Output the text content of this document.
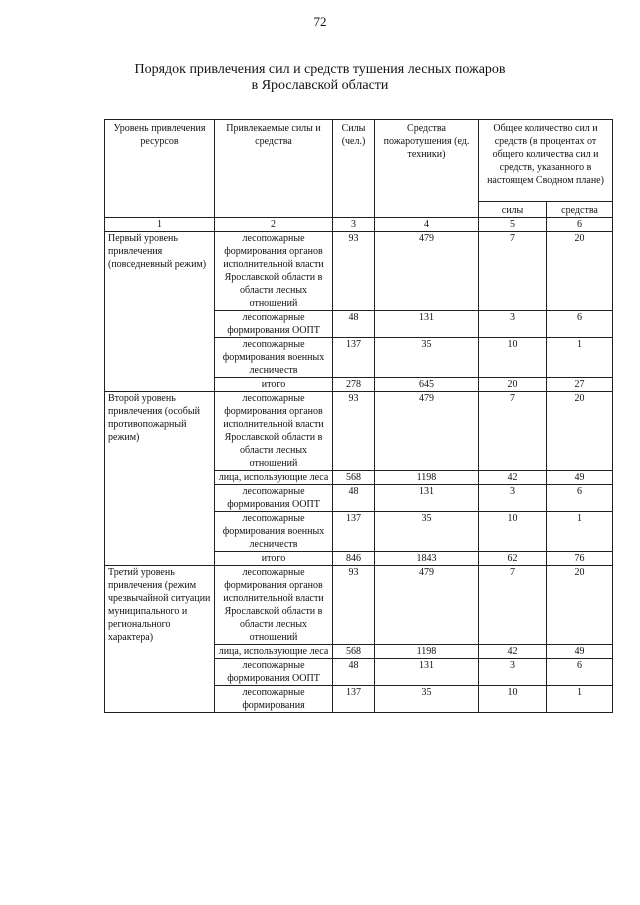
72
Порядок привлечения сил и средств тушения лесных пожаров
в Ярославской области
Уровень привлечения ресурсов	Привлекаемые силы и средства	Силы (чел.)	Средства пожаротушения (ед. техники)	Общее количество сил и средств (в процентах от общего количества сил и средств, указанного в настоящем Сводном плане)	
				силы	средства
1	2	3	4	5	6
Первый уровень привлечения (повседневный режим)	лесопожарные формирования органов исполнительной власти Ярославской области в области лесных отношений	93	479	7	20
	лесопожарные формирования ООПТ	48	131	3	6
	лесопожарные формирования военных лесничеств	137	35	10	1
	итого	278	645	20	27
Второй уровень привлечения (особый противопожарный режим)	лесопожарные формирования органов исполнительной власти Ярославской области в области лесных отношений	93	479	7	20
	лица, использующие леса	568	1198	42	49
	лесопожарные формирования ООПТ	48	131	3	6
	лесопожарные формирования военных лесничеств	137	35	10	1
	итого	846	1843	62	76
Третий уровень привлечения (режим чрезвычайной ситуации муниципального и регионального характера)	лесопожарные формирования органов исполнительной власти Ярославской области в области лесных отношений	93	479	7	20
	лица, использующие леса	568	1198	42	49
	лесопожарные формирования ООПТ	48	131	3	6
	лесопожарные формирования	137	35	10	1
